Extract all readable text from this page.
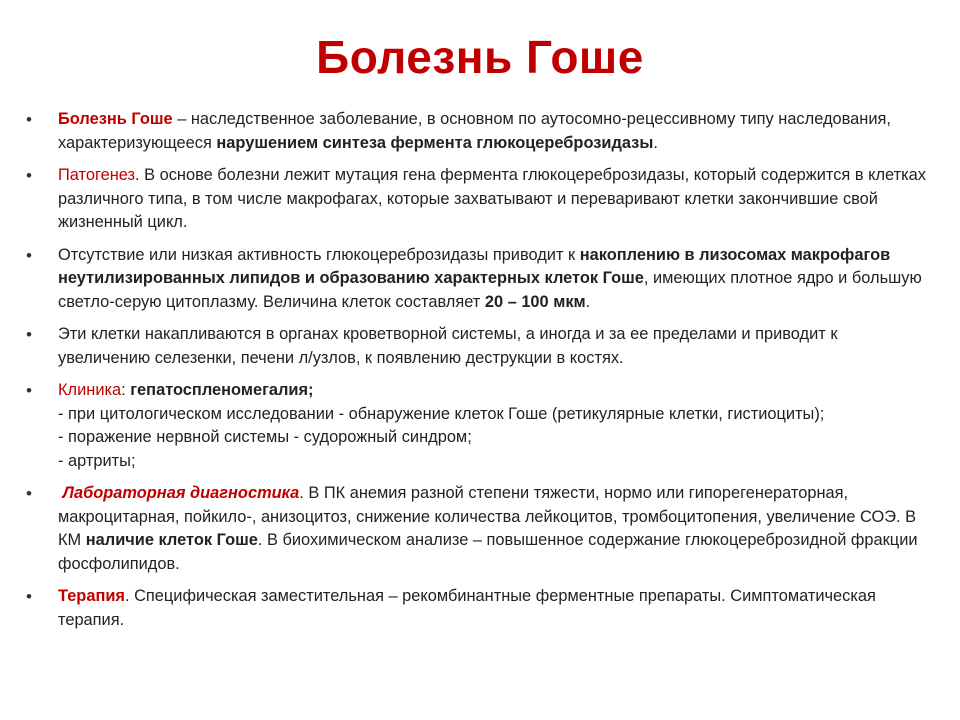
Болезнь Гоше
• Болезнь Гоше – наследственное заболевание, в основном по аутосомно-рецессивному типу наследования, характеризующееся нарушением синтеза фермента глюкоцереброзидазы.
• Патогенез. В основе болезни лежит мутация гена фермента глюкоцереброзидазы, который содержится в клетках различного типа, в том числе макрофагах, которые захватывают и переваривают клетки закончившие свой жизненный цикл.
• Отсутствие или низкая активность глюкоцереброзидазы приводит к накоплению в лизосомах макрофагов неутилизированных липидов и образованию характерных клеток Гоше, имеющих плотное ядро и большую светло-серую цитоплазму. Величина клеток составляет 20 – 100 мкм.
• Эти клетки накапливаются в органах кроветворной системы, а иногда и за ее пределами и приводит к увеличению селезенки, печени л/узлов, к появлению деструкции в костях.
• Клиника: гепатоспленомегалия;
- при цитологическом исследовании - обнаружение клеток Гоше (ретикулярные клетки, гистиоциты);
- поражение нервной системы - судорожный синдром;
- артриты;
• Лабораторная диагностика. В ПК анемия разной степени тяжести, нормо или гипорегенераторная, макроцитарная, пойкило-, анизоцитоз, снижение количества лейкоцитов, тромбоцитопения, увеличение СОЭ. В КМ наличие клеток Гоше. В биохимическом анализе – повышенное содержание глюкоцереброзидной фракции фосфолипидов.
• Терапия. Специфическая заместительная – рекомбинантные ферментные препараты. Симптоматическая терапия.
